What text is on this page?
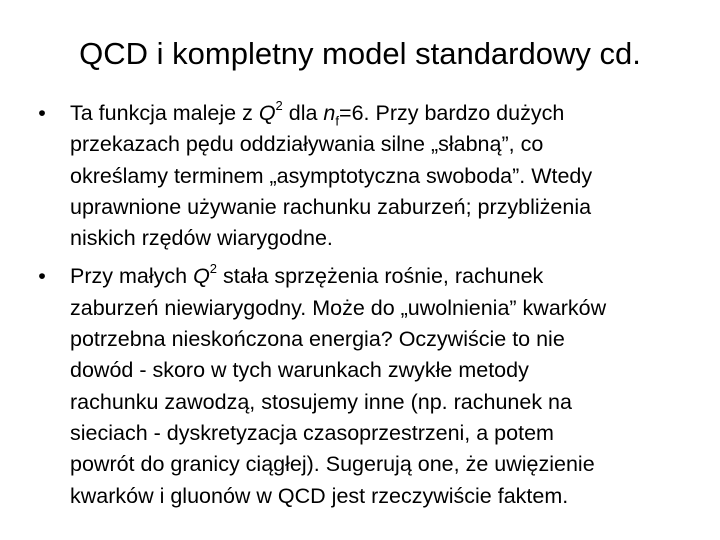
QCD i kompletny model standardowy cd.
• Ta funkcja maleje z $Q^2$ dla $n_f=6$. Przy bardzo dużych
przekazach pędu oddziaływania silne „słabną”, co
określamy terminem „asymptotyczna swoboda”. Wtedy
uprawnione używanie rachunku zaburzeń; przybliżenia
niskich rzędów wiarygodne.
• Przy małych $Q^2$ stała sprzężenia rośnie, rachunek
zaburzeń niewiarygodny. Może do „uwolnienia” kwarków
potrzebna nieskończona energia? Oczywiście to nie
dowód - skoro w tych warunkach zwykłe metody
rachunku zawodzą, stosujemy inne (np. rachunek na
sieciach - dyskretyzacja czasoprzestrzeni, a potem
powrót do granicy ciągłej). Sugerują one, że uwięzienie
kwarków i gluonów w QCD jest rzeczywiście faktem.
